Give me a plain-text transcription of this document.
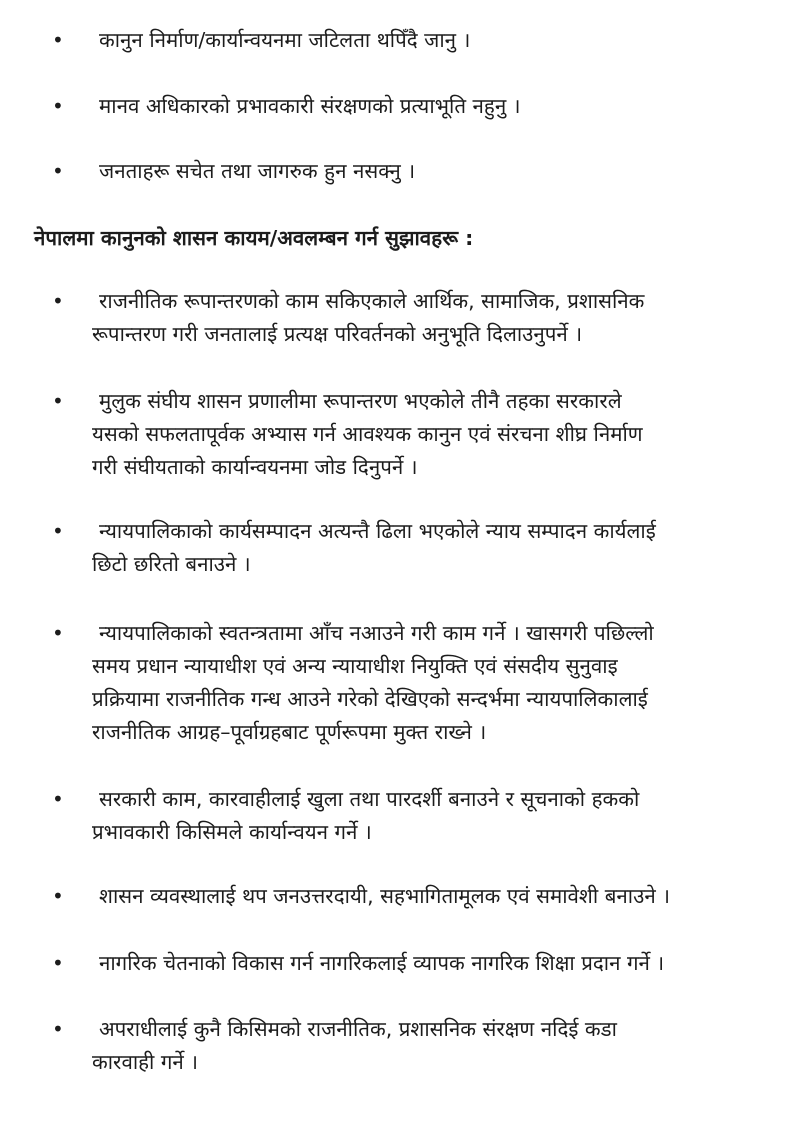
नेपालमा कानुनको शासन कायम/अवलम्बन गर्न सुझावहरू :
• •	कानुन निर्माण/कार्यान्वयनमा जटिलता थपिँदै जानु ।
• •	मानव अधिकारको प्रभावकारी संरक्षणको प्रत्याभूति नहुनु ।
• •	जनताहरू सचेत तथा जागरुक हुन नसक्नु ।
• •	राजनीतिक रूपान्तरणको काम सकिएकाले आर्थिक, सामाजिक, प्रशासनिक
रूपान्तरण गरी जनतालाई प्रत्यक्ष परिवर्तनको अनुभूति दिलाउनुपर्ने ।
• •	मुलुक संघीय शासन प्रणालीमा रूपान्तरण भएकोले तीनै तहका सरकारले
यसको सफलतापूर्वक अभ्यास गर्न आवश्यक कानुन एवं संरचना शीघ्र निर्माण
गरी संघीयताको कार्यान्वयनमा जोड दिनुपर्ने ।
• •	न्यायपालिकाको कार्यसम्पादन अत्यन्तै ढिला भएकोले न्याय सम्पादन कार्यलाई
छिटो छरितो बनाउने ।
• •	न्यायपालिकाको स्वतन्त्रतामा आँच नआउने गरी काम गर्ने । खासगरी पछिल्लो
समय प्रधान न्यायाधीश एवं अन्य न्यायाधीश नियुक्ति एवं संसदीय सुनुवाइ
प्रक्रियामा राजनीतिक गन्ध आउने गरेको देखिएको सन्दर्भमा न्यायपालिकालाई
राजनीतिक आग्रह–पूर्वाग्रहबाट पूर्णरूपमा मुक्त राख्ने ।
• •	सरकारी काम, कारवाहीलाई खुला तथा पारदर्शी बनाउने र सूचनाको हकको
प्रभावकारी किसिमले कार्यान्वयन गर्ने ।
• •	शासन व्यवस्थालाई थप जनउत्तरदायी, सहभागितामूलक एवं समावेशी बनाउने ।
• •	नागरिक चेतनाको विकास गर्न नागरिकलाई व्यापक नागरिक शिक्षा प्रदान गर्ने ।
• •	अपराधीलाई कुनै किसिमको राजनीतिक, प्रशासनिक संरक्षण नदिई कडा
कारवाही गर्ने ।
